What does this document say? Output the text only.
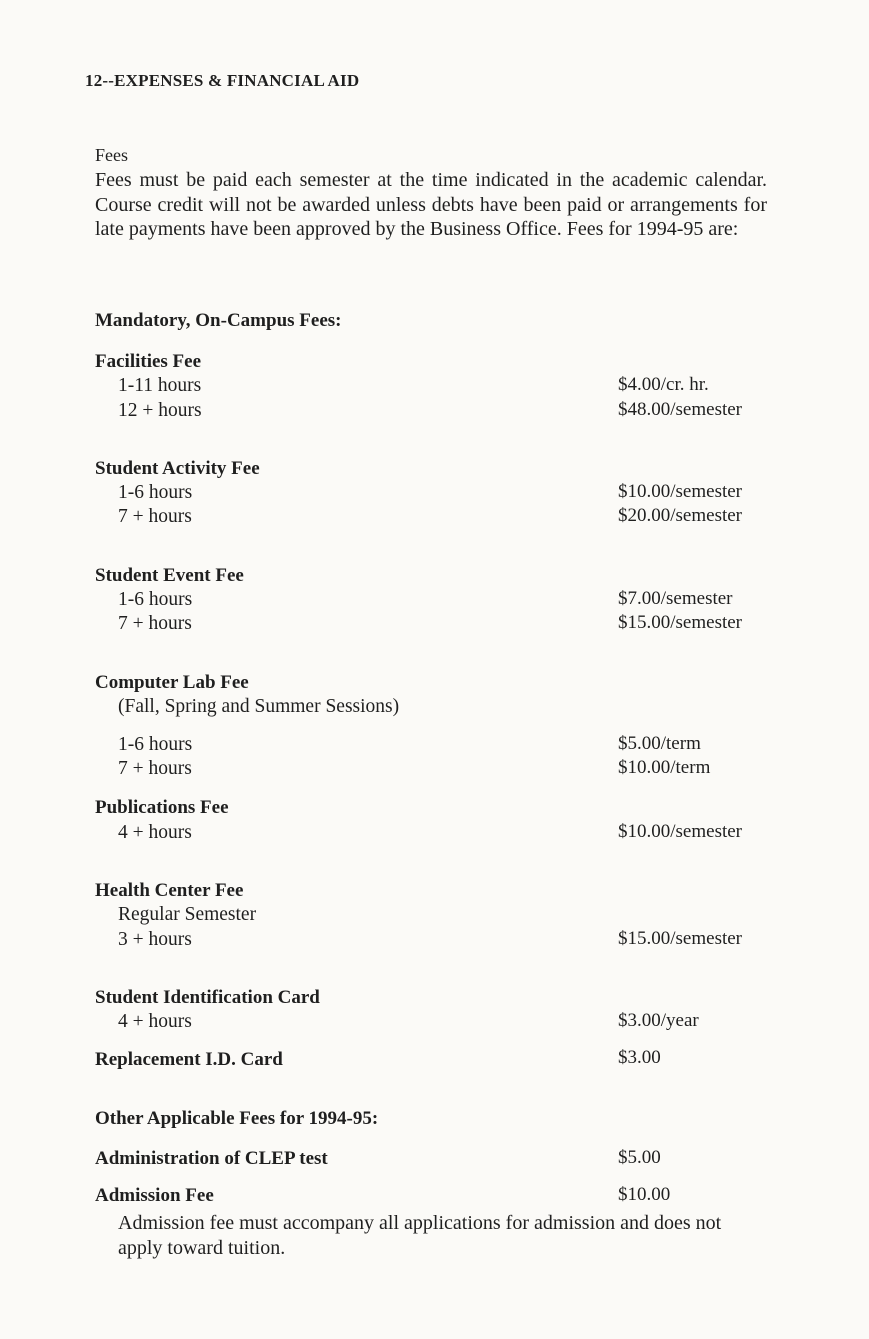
12--EXPENSES & FINANCIAL AID
Fees
Fees must be paid each semester at the time indicated in the academic calendar. Course credit will not be awarded unless debts have been paid or arrangements for late payments have been approved by the Business Office. Fees for 1994-95 are:
Mandatory, On-Campus Fees:
Facilities Fee
1-11 hours	$4.00/cr. hr.
12 + hours	$48.00/semester
Student Activity Fee
1-6 hours	$10.00/semester
7 + hours	$20.00/semester
Student Event Fee
1-6 hours	$7.00/semester
7 + hours	$15.00/semester
Computer Lab Fee
(Fall, Spring and Summer Sessions)
1-6 hours	$5.00/term
7 + hours	$10.00/term
Publications Fee
4 + hours	$10.00/semester
Health Center Fee
Regular Semester
3 + hours	$15.00/semester
Student Identification Card
4 + hours	$3.00/year
Replacement I.D. Card	$3.00
Other Applicable Fees for 1994-95:
Administration of CLEP test	$5.00
Admission Fee	$10.00
Admission fee must accompany all applications for admission and does not apply toward tuition.
